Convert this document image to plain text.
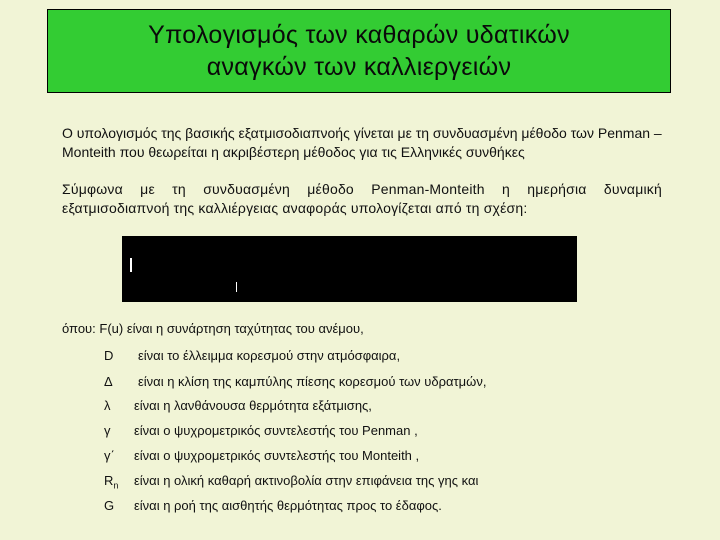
Υπολογισμός των καθαρών υδατικών
αναγκών των καλλιεργειών
Ο υπολογισμός της βασικής εξατμισοδιαπνοής γίνεται με τη συνδυασμένη μέθοδο των Penman – Monteith που θεωρείται η ακριβέστερη μέθοδος για τις Ελληνικές συνθήκες
Σύμφωνα με τη συνδυασμένη μέθοδο Penman-Monteith η ημερήσια δυναμική εξατμισοδιαπνοή της καλλιέργειας αναφοράς υπολογίζεται από τη σχέση:
όπου: F(u) είναι η συνάρτηση ταχύτητας του ανέμου,
D είναι το έλλειμμα κορεσμού στην ατμόσφαιρα,
Δ είναι η κλίση της καμπύλης πίεσης κορεσμού των υδρατμών,
λ είναι η λανθάνουσα θερμότητα εξάτμισης,
γ είναι ο ψυχρομετρικός συντελεστής του Penman ,
γ΄ είναι ο ψυχρομετρικός συντελεστής του Monteith ,
$R_n$ είναι η ολική καθαρή ακτινοβολία στην επιφάνεια της γης και
G είναι η ροή της αισθητής θερμότητας προς το έδαφος.
